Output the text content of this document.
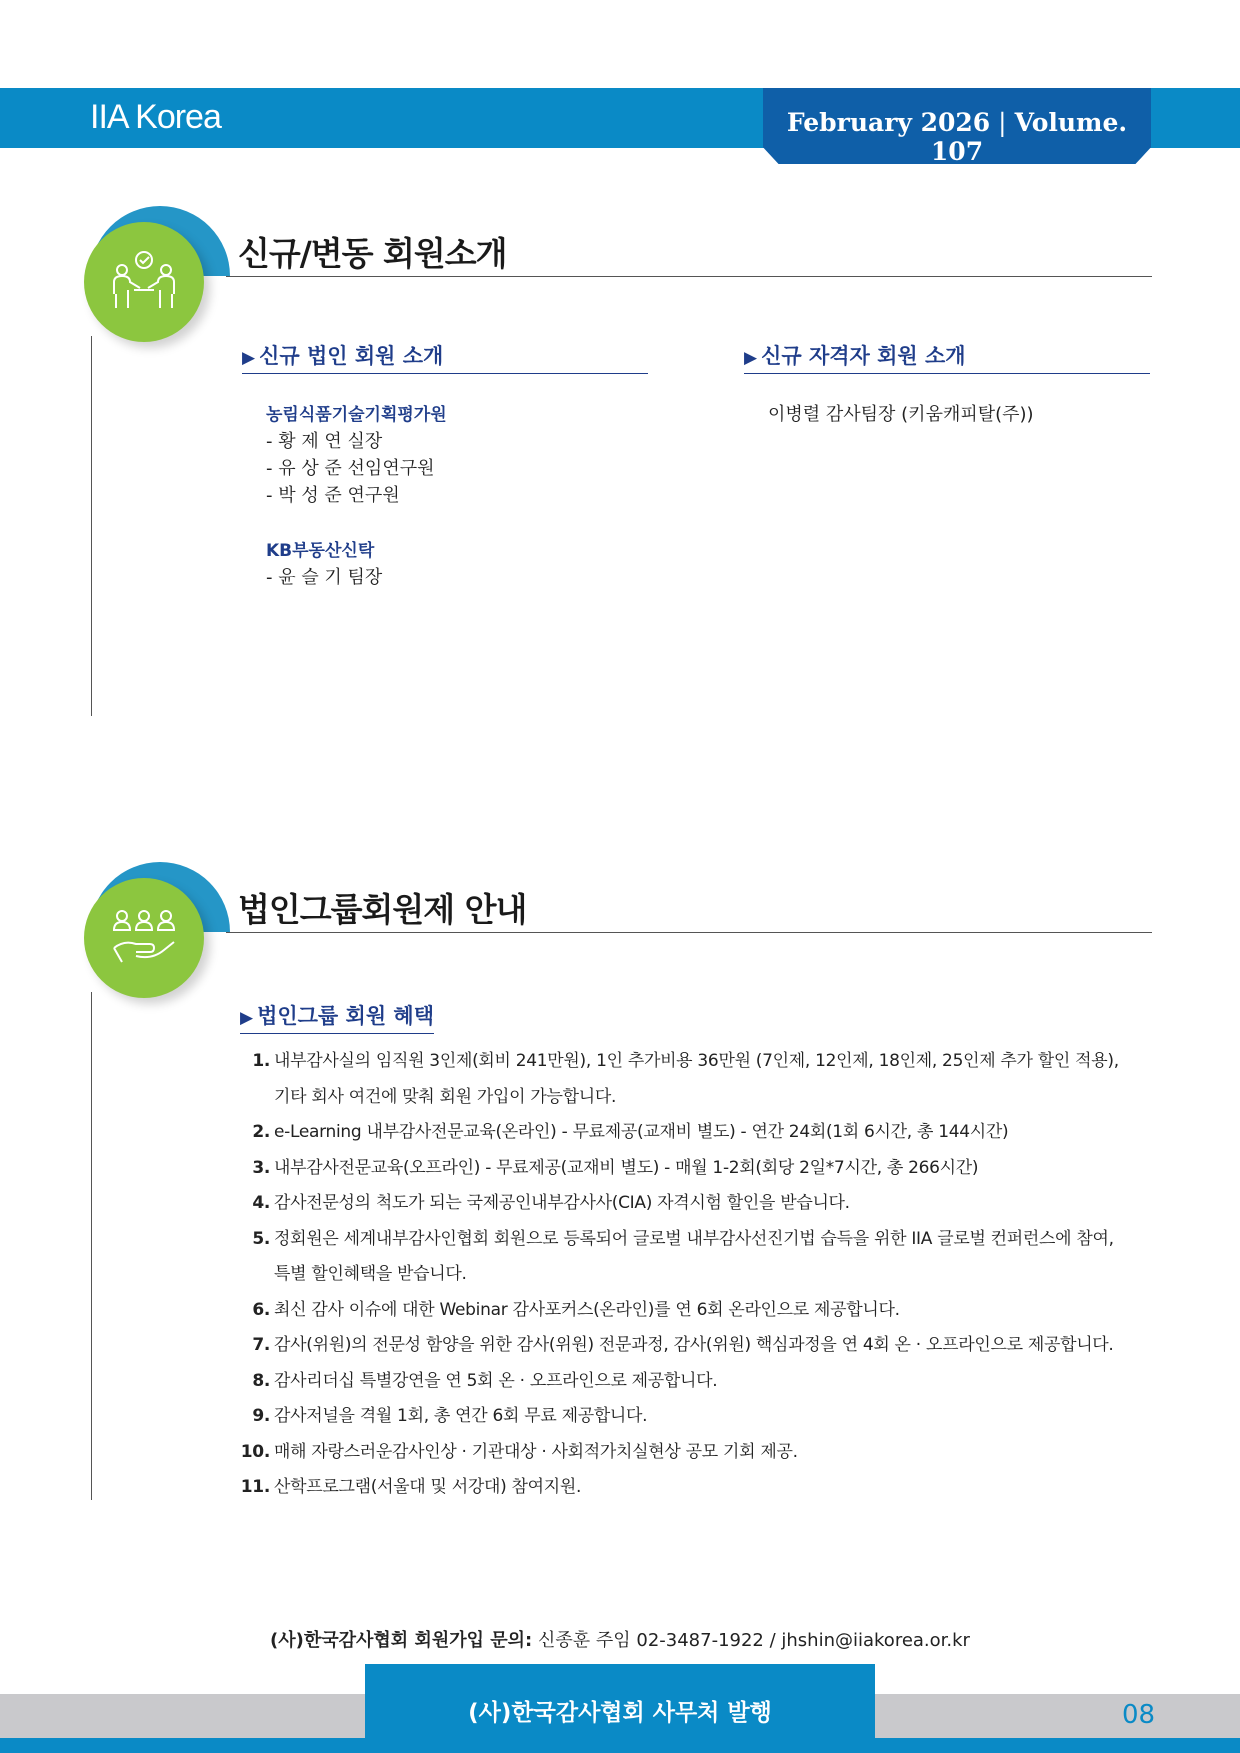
IIA Korea	February 2026 | Volume. 107
신규/변동 회원소개
▶ 신규 법인 회원 소개	▶ 신규 자격자 회원 소개
농림식품기술기획평가원
- 황 제 연 실장
- 유 상 준 선임연구원
- 박 성 준 연구원
KB부동산신탁
- 윤 슬 기 팀장
이병렬 감사팀장 (키움캐피탈(주))
법인그룹회원제 안내
▶ 법인그룹 회원 혜택
1. 내부감사실의 임직원 3인제(회비 241만원), 1인 추가비용 36만원 (7인제, 12인제, 18인제, 25인제 추가 할인 적용),
기타 회사 여건에 맞춰 회원 가입이 가능합니다.
2. e-Learning 내부감사전문교육(온라인) - 무료제공(교재비 별도) - 연간 24회(1회 6시간, 총 144시간)
3. 내부감사전문교육(오프라인) - 무료제공(교재비 별도) - 매월 1-2회(회당 2일*7시간, 총 266시간)
4. 감사전문성의 척도가 되는 국제공인내부감사사(CIA) 자격시험 할인을 받습니다.
5. 정회원은 세계내부감사인협회 회원으로 등록되어 글로벌 내부감사선진기법 습득을 위한 IIA 글로벌 컨퍼런스에 참여,
특별 할인혜택을 받습니다.
6. 최신 감사 이슈에 대한 Webinar 감사포커스(온라인)를 연 6회 온라인으로 제공합니다.
7. 감사(위원)의 전문성 함양을 위한 감사(위원) 전문과정, 감사(위원) 핵심과정을 연 4회 온 · 오프라인으로 제공합니다.
8. 감사리더십 특별강연을 연 5회 온 · 오프라인으로 제공합니다.
9. 감사저널을 격월 1회, 총 연간 6회 무료 제공합니다.
10. 매해 자랑스러운감사인상 · 기관대상 · 사회적가치실현상 공모 기회 제공.
11. 산학프로그램(서울대 및 서강대) 참여지원.
(사)한국감사협회 회원가입 문의: 신종훈 주임 02-3487-1922 / jhshin@iiakorea.or.kr
(사)한국감사협회 사무처 발행	08
